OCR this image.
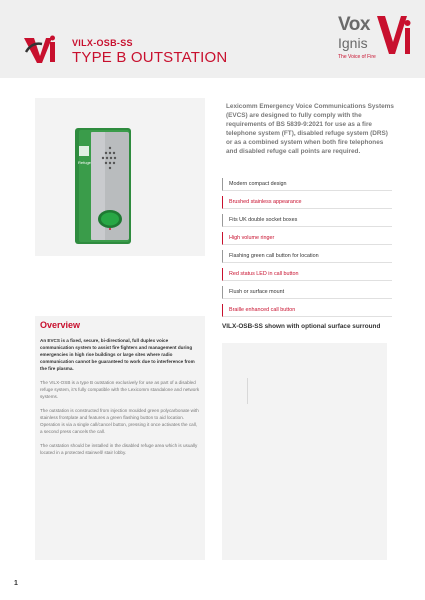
VILX-OSB-SS
TYPE B OUTSTATION
Vox
Ignis
The Voice of Fire
Refuge
Lexicomm Emergency Voice Communications Systems (EVCS) are designed to fully comply with the requirements of BS 5839-9:2021 for use as a fire telephone system (FT), disabled refuge system (DRS) or as a combined system when both fire telephones and disabled refuge call points are required.
Modern compact design
Brushed stainless appearance
Fits UK double socket boxes
High volume ringer
Flashing green call button for location
Red status LED in call button
Flush or surface mount
Braille enhanced call button
Overview

An EVCS is a fixed, secure, bi-directional, full duplex voice communication system to assist fire fighters and management during emergencies in high rise buildings or large sites where radio communication cannot be guaranteed to work due to interference from the fire plasma.

The VILX-OSB is a type B outstation exclusively for use as part of a disabled refuge system, it's fully compatible with the Lexicomm standalone and network systems.

The outstation is constructed from injection moulded green polycarbonate with stainless frontplate and features a green flashing button to aid location. Operation is via a single call/cancel button, pressing it once activates the call, a second press cancels the call.

The outstation should be installed in the disabled refuge area which is usually located in a protected stairwell/ stair lobby.

VILX-OSB-SS shown with optional surface surround
1
